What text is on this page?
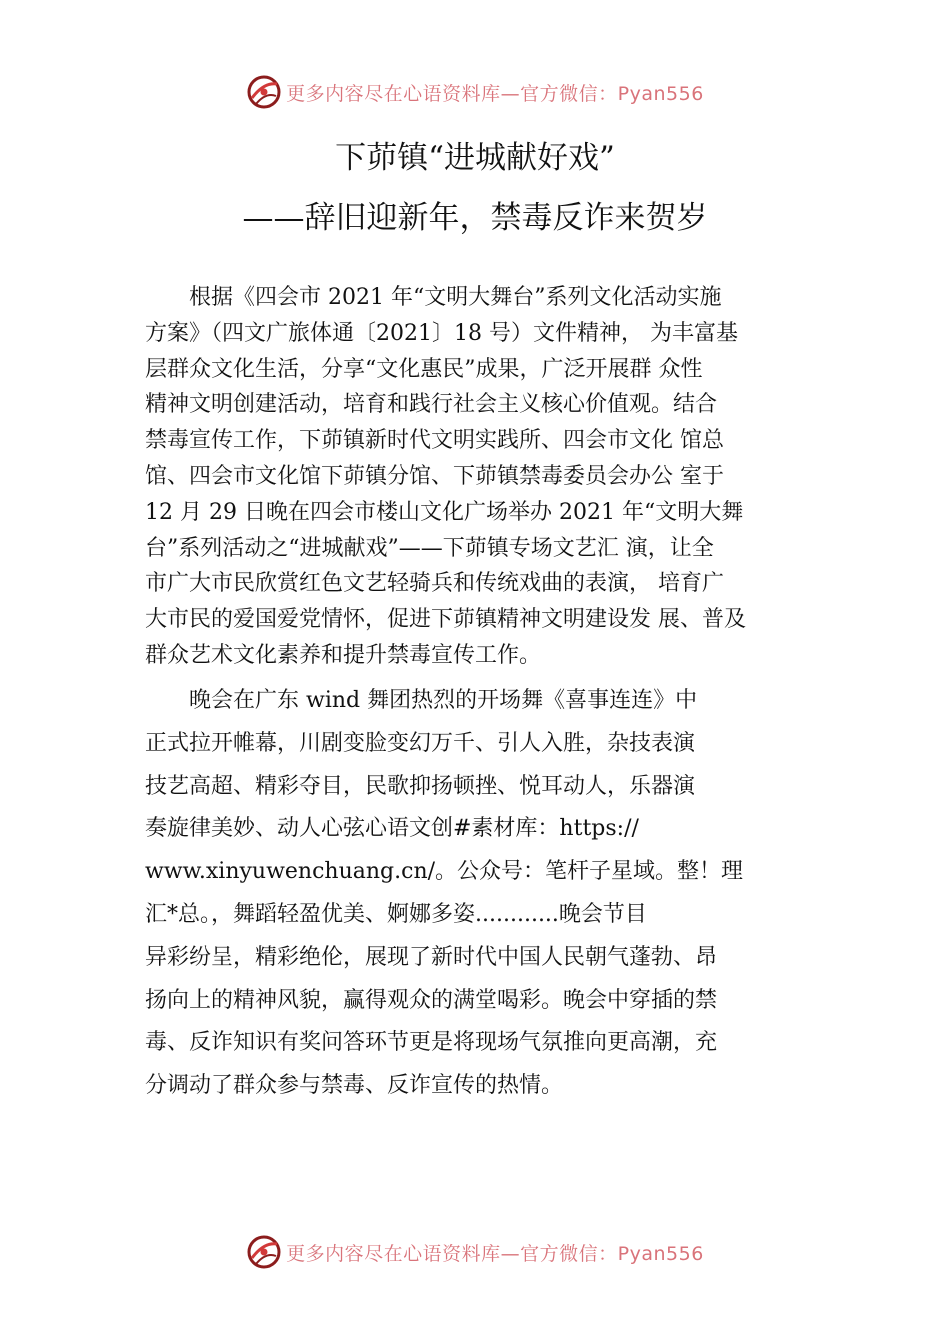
更多内容尽在心语资料库—官方微信：Pyan556
下茆镇“进城献好戏”
——辞旧迎新年，禁毒反诈来贺岁
　　根据《四会市 2021 年“文明大舞台”系列文化活动实施
方案》（四文广旅体通〔2021〕18 号）文件精神， 为丰富基
层群众文化生活，分享“文化惠民”成果，广泛开展群 众性
精神文明创建活动，培育和践行社会主义核心价值观。结合
禁毒宣传工作，下茆镇新时代文明实践所、四会市文化 馆总
馆、四会市文化馆下茆镇分馆、下茆镇禁毒委员会办公 室于
12 月 29 日晚在四会市楼山文化广场举办 2021 年“文明大舞
台”系列活动之“进城献戏”——下茆镇专场文艺汇 演，让全
市广大市民欣赏红色文艺轻骑兵和传统戏曲的表演， 培育广
大市民的爱国爱党情怀，促进下茆镇精神文明建设发 展、普及
群众艺术文化素养和提升禁毒宣传工作。
　　晚会在广东 wind 舞团热烈的开场舞《喜事连连》中
正式拉开帷幕，川剧变脸变幻万千、引人入胜，杂技表演
技艺高超、精彩夺目，民歌抑扬顿挫、悦耳动人，乐器演
奏旋律美妙、动人心弦心语文创#素材库：https://
www.xinyuwenchuang.cn/。公众号：笔杆子星域。整！理
汇*总。，舞蹈轻盈优美、婀娜多姿............晚会节目
异彩纷呈，精彩绝伦，展现了新时代中国人民朝气蓬勃、昂
扬向上的精神风貌，赢得观众的满堂喝彩。晚会中穿插的禁
毒、反诈知识有奖问答环节更是将现场气氛推向更高潮，充
分调动了群众参与禁毒、反诈宣传的热情。
更多内容尽在心语资料库—官方微信：Pyan556
